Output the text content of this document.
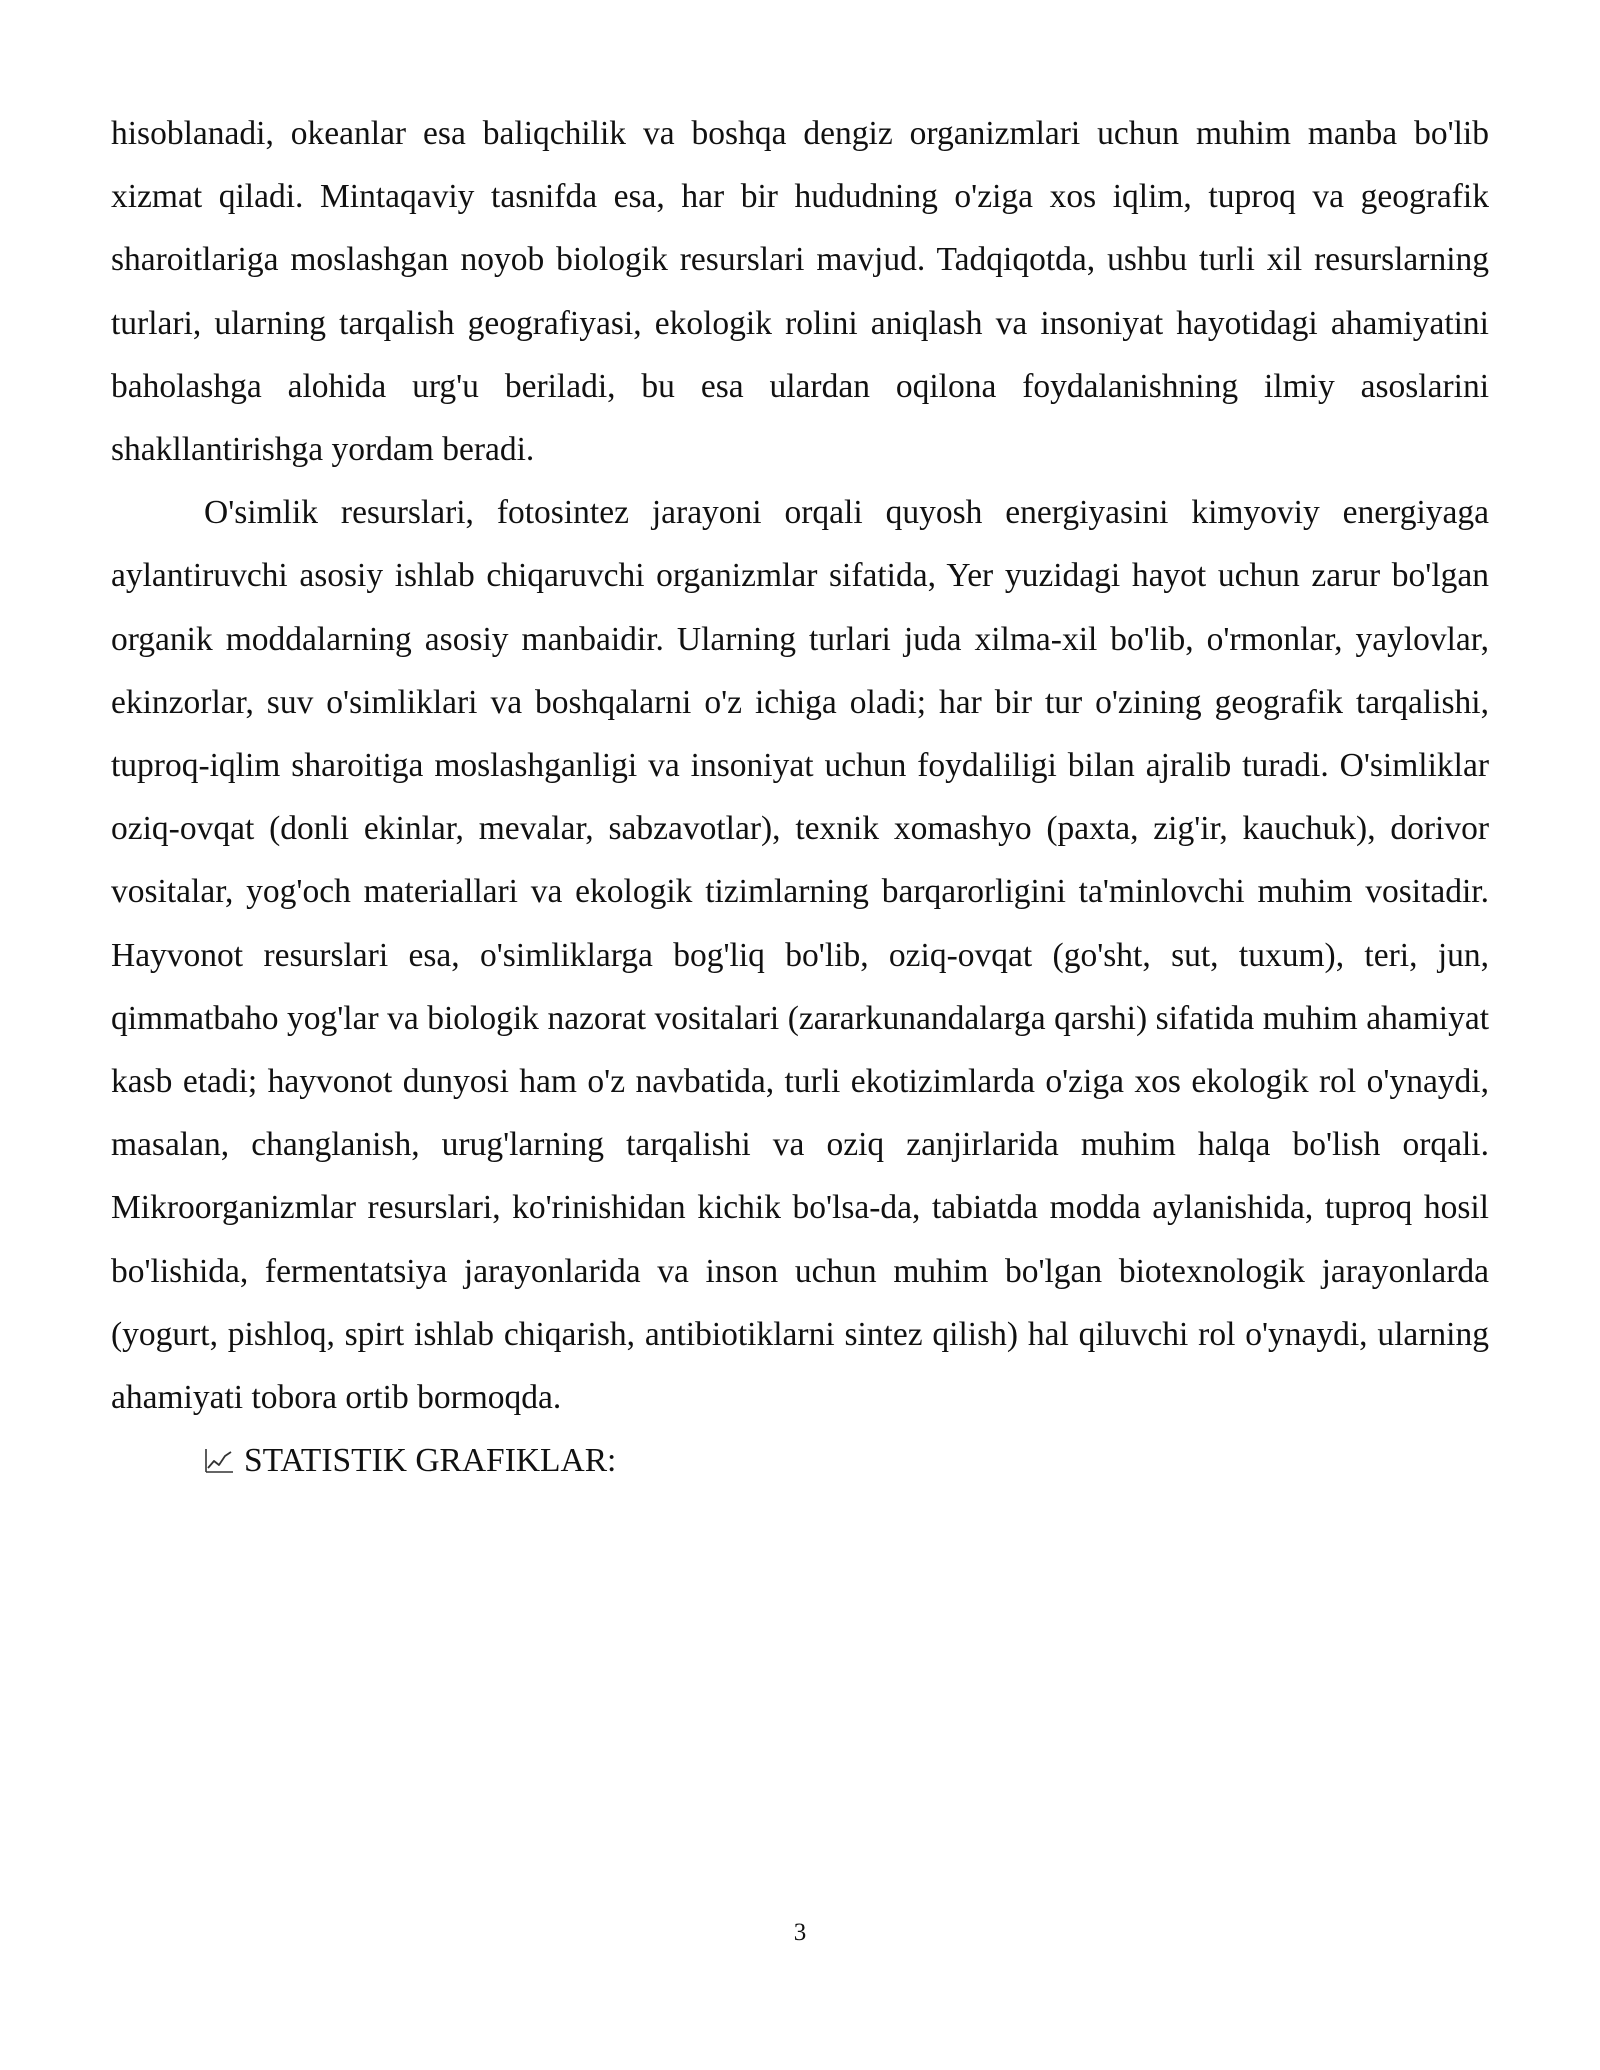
hisoblanadi, okeanlar esa baliqchilik va boshqa dengiz organizmlari uchun muhim manba bo'lib xizmat qiladi. Mintaqaviy tasnifda esa, har bir hududning o'ziga xos iqlim, tuproq va geografik sharoitlariga moslashgan noyob biologik resurslari mavjud. Tadqiqotda, ushbu turli xil resurslarning turlari, ularning tarqalish geografiyasi, ekologik rolini aniqlash va insoniyat hayotidagi ahamiyatini baholashga alohida urg'u beriladi, bu esa ulardan oqilona foydalanishning ilmiy asoslarini shakllantirishga yordam beradi.

O'simlik resurslari, fotosintez jarayoni orqali quyosh energiyasini kimyoviy energiyaga aylantiruvchi asosiy ishlab chiqaruvchi organizmlar sifatida, Yer yuzidagi hayot uchun zarur bo'lgan organik moddalarning asosiy manbaidir. Ularning turlari juda xilma-xil bo'lib, o'rmonlar, yaylovlar, ekinzorlar, suv o'simliklari va boshqalarni o'z ichiga oladi; har bir tur o'zining geografik tarqalishi, tuproq-iqlim sharoitiga moslashganligi va insoniyat uchun foydaliligi bilan ajralib turadi. O'simliklar oziq-ovqat (donli ekinlar, mevalar, sabzavotlar), texnik xomashyo (paxta, zig'ir, kauchuk), dorivor vositalar, yog'och materiallari va ekologik tizimlarning barqarorligini ta'minlovchi muhim vositadir. Hayvonot resurslari esa, o'simliklarga bog'liq bo'lib, oziq-ovqat (go'sht, sut, tuxum), teri, jun, qimmatbaho yog'lar va biologik nazorat vositalari (zararkunandalarga qarshi) sifatida muhim ahamiyat kasb etadi; hayvonot dunyosi ham o'z navbatida, turli ekotizimlarda o'ziga xos ekologik rol o'ynaydi, masalan, changlanish, urug'larning tarqalishi va oziq zanjirlarida muhim halqa bo'lish orqali. Mikroorganizmlar resurslari, ko'rinishidan kichik bo'lsa-da, tabiatda modda aylanishida, tuproq hosil bo'lishida, fermentatsiya jarayonlarida va inson uchun muhim bo'lgan biotexnologik jarayonlarda (yogurt, pishloq, spirt ishlab chiqarish, antibiotiklarni sintez qilish) hal qiluvchi rol o'ynaydi, ularning ahamiyati tobora ortib bormoqda.

STATISTIK GRAFIKLAR:

3
